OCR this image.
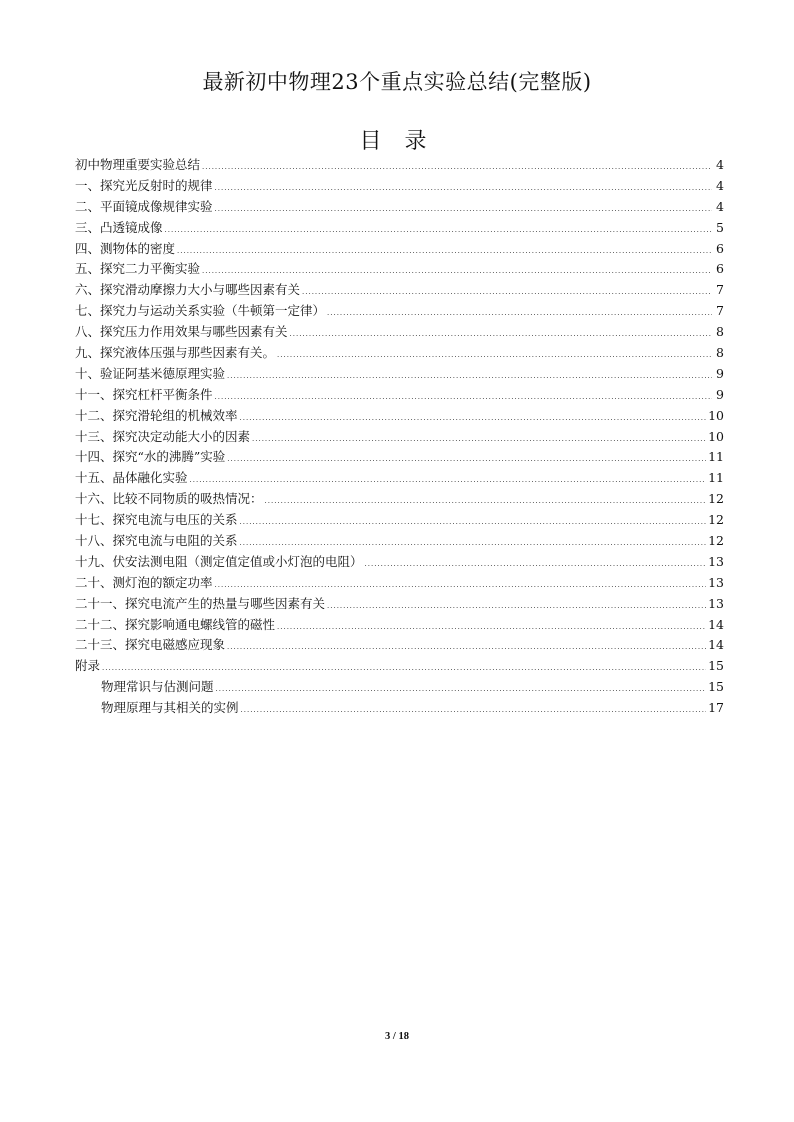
最新初中物理23个重点实验总结(完整版)
目 录
初中物理重要实验总结 .....	4
一、探究光反射时的规律 .....	4
二、平面镜成像规律实验 .....	4
三、凸透镜成像 .....	5
四、测物体的密度 .....	6
五、探究二力平衡实验 .....	6
六、探究滑动摩擦力大小与哪些因素有关 .....	7
七、探究力与运动关系实验（牛顿第一定律） .....	7
八、探究压力作用效果与哪些因素有关 .....	8
九、探究液体压强与那些因素有关。 .....	8
十、验证阿基米德原理实验 .....	9
十一、探究杠杆平衡条件 .....	9
十二、探究滑轮组的机械效率 .....	10
十三、探究决定动能大小的因素 .....	10
十四、探究“水的沸腾”实验 .....	11
十五、晶体融化实验 .....	11
十六、比较不同物质的吸热情况： .....	12
十七、探究电流与电压的关系 .....	12
十八、探究电流与电阻的关系 .....	12
十九、伏安法测电阻（测定值定值或小灯泡的电阻） .....	13
二十、测灯泡的额定功率 .....	13
二十一、探究电流产生的热量与哪些因素有关 .....	13
二十二、探究影响通电螺线管的磁性 .....	14
二十三、探究电磁感应现象 .....	14
附录 .....	15
物理常识与估测问题 .....	15
物理原理与其相关的实例 .....	17
3 / 18
